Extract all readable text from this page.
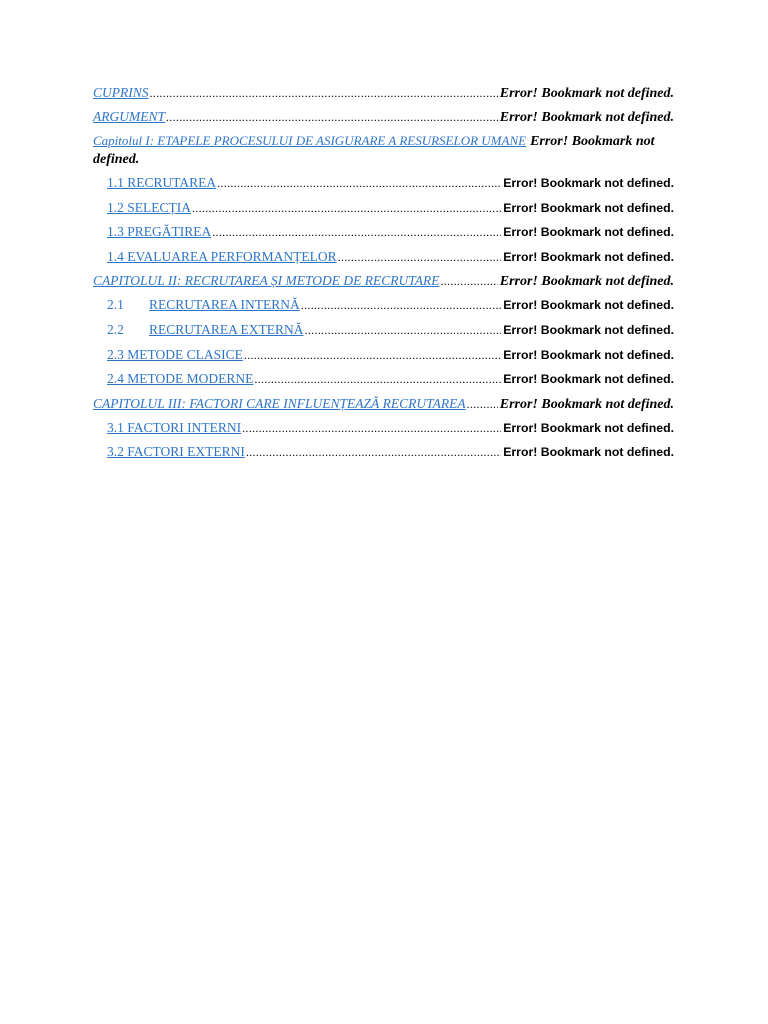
CUPRINS .....	Error! Bookmark not defined.
ARGUMENT .....	Error! Bookmark not defined.
Capitolul I: ETAPELE PROCESULUI DE ASIGURARE A RESURSELOR UMANE Error! Bookmark not defined.
1.1 RECRUTAREA .....	Error! Bookmark not defined.
1.2 SELECȚIA .....	Error! Bookmark not defined.
1.3 PREGĂTIREA .....	Error! Bookmark not defined.
1.4 EVALUAREA PERFORMANȚELOR .....	Error! Bookmark not defined.
CAPITOLUL II: RECRUTAREA ȘI METODE DE RECRUTARE .....	Error! Bookmark not defined.
2.1 RECRUTAREA INTERNĂ .....	Error! Bookmark not defined.
2.2 RECRUTAREA EXTERNĂ .....	Error! Bookmark not defined.
2.3 METODE CLASICE .....	Error! Bookmark not defined.
2.4 METODE MODERNE .....	Error! Bookmark not defined.
CAPITOLUL III: FACTORI CARE INFLUENȚEAZĂ RECRUTAREA ..... Error! Bookmark not defined.
3.1 FACTORI INTERNI .....	Error! Bookmark not defined.
3.2 FACTORI EXTERNI .....	Error! Bookmark not defined.
